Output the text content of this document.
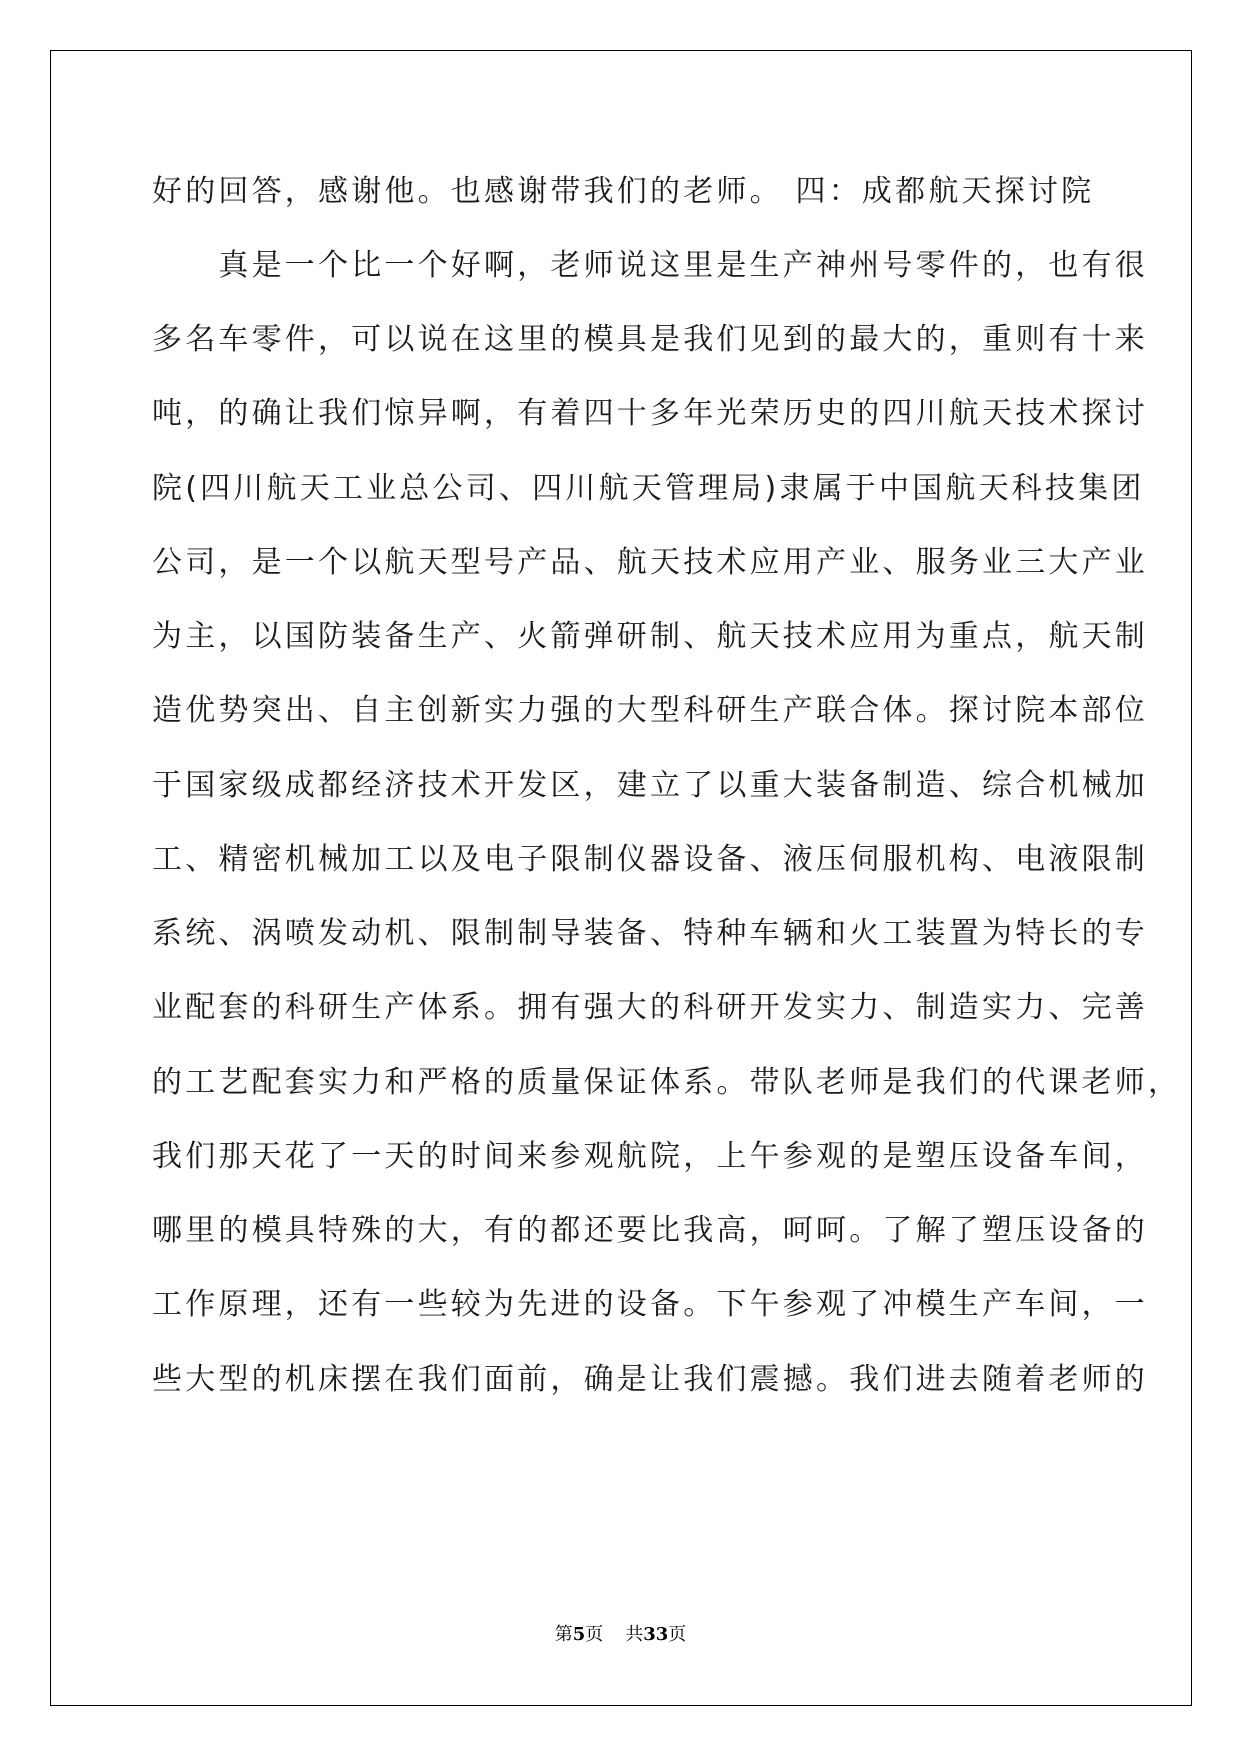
好的回答，感谢他。也感谢带我们的老师。 四：成都航天探讨院
　　真是一个比一个好啊，老师说这里是生产神州号零件的，也有很
多名车零件，可以说在这里的模具是我们见到的最大的，重则有十来
吨，的确让我们惊异啊，有着四十多年光荣历史的四川航天技术探讨
院(四川航天工业总公司、四川航天管理局)隶属于中国航天科技集团
公司，是一个以航天型号产品、航天技术应用产业、服务业三大产业
为主，以国防装备生产、火箭弹研制、航天技术应用为重点，航天制
造优势突出、自主创新实力强的大型科研生产联合体。探讨院本部位
于国家级成都经济技术开发区，建立了以重大装备制造、综合机械加
工、精密机械加工以及电子限制仪器设备、液压伺服机构、电液限制
系统、涡喷发动机、限制制导装备、特种车辆和火工装置为特长的专
业配套的科研生产体系。拥有强大的科研开发实力、制造实力、完善
的工艺配套实力和严格的质量保证体系。带队老师是我们的代课老师，
我们那天花了一天的时间来参观航院，上午参观的是塑压设备车间，
哪里的模具特殊的大，有的都还要比我高，呵呵。了解了塑压设备的
工作原理，还有一些较为先进的设备。下午参观了冲模生产车间，一
些大型的机床摆在我们面前，确是让我们震撼。我们进去随着老师的
第5页 共33页
